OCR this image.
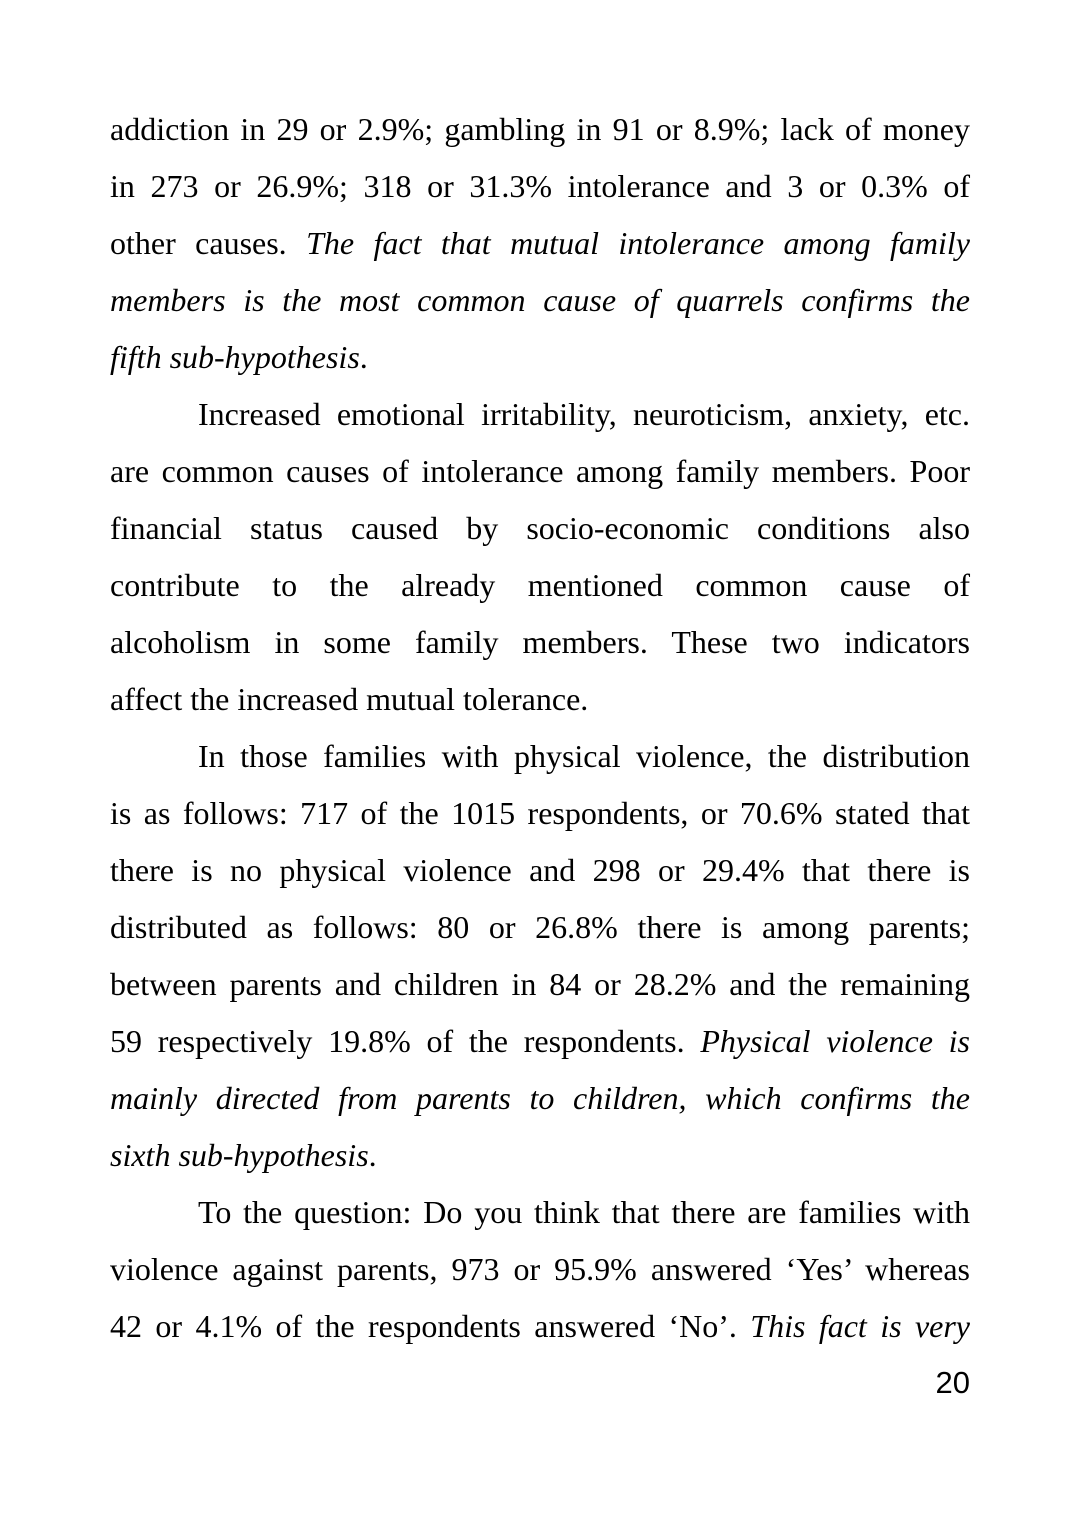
addiction in 29 or 2.9%; gambling in 91 or 8.9%; lack of money
in 273 or 26.9%; 318 or 31.3% intolerance and 3 or 0.3% of
other causes. The fact that mutual intolerance among family
members is the most common cause of quarrels confirms the
fifth sub-hypothesis.
Increased emotional irritability, neuroticism, anxiety, etc.
are common causes of intolerance among family members. Poor
financial status caused by socio-economic conditions also
contribute to the already mentioned common cause of
alcoholism in some family members. These two indicators
affect the increased mutual tolerance.
In those families with physical violence, the distribution
is as follows: 717 of the 1015 respondents, or 70.6% stated that
there is no physical violence and 298 or 29.4% that there is
distributed as follows: 80 or 26.8% there is among parents;
between parents and children in 84 or 28.2% and the remaining
59 respectively 19.8% of the respondents. Physical violence is
mainly directed from parents to children, which confirms the
sixth sub-hypothesis.
To the question: Do you think that there are families with
violence against parents, 973 or 95.9% answered ‘Yes’ whereas
42 or 4.1% of the respondents answered ‘No’. This fact is very
20
